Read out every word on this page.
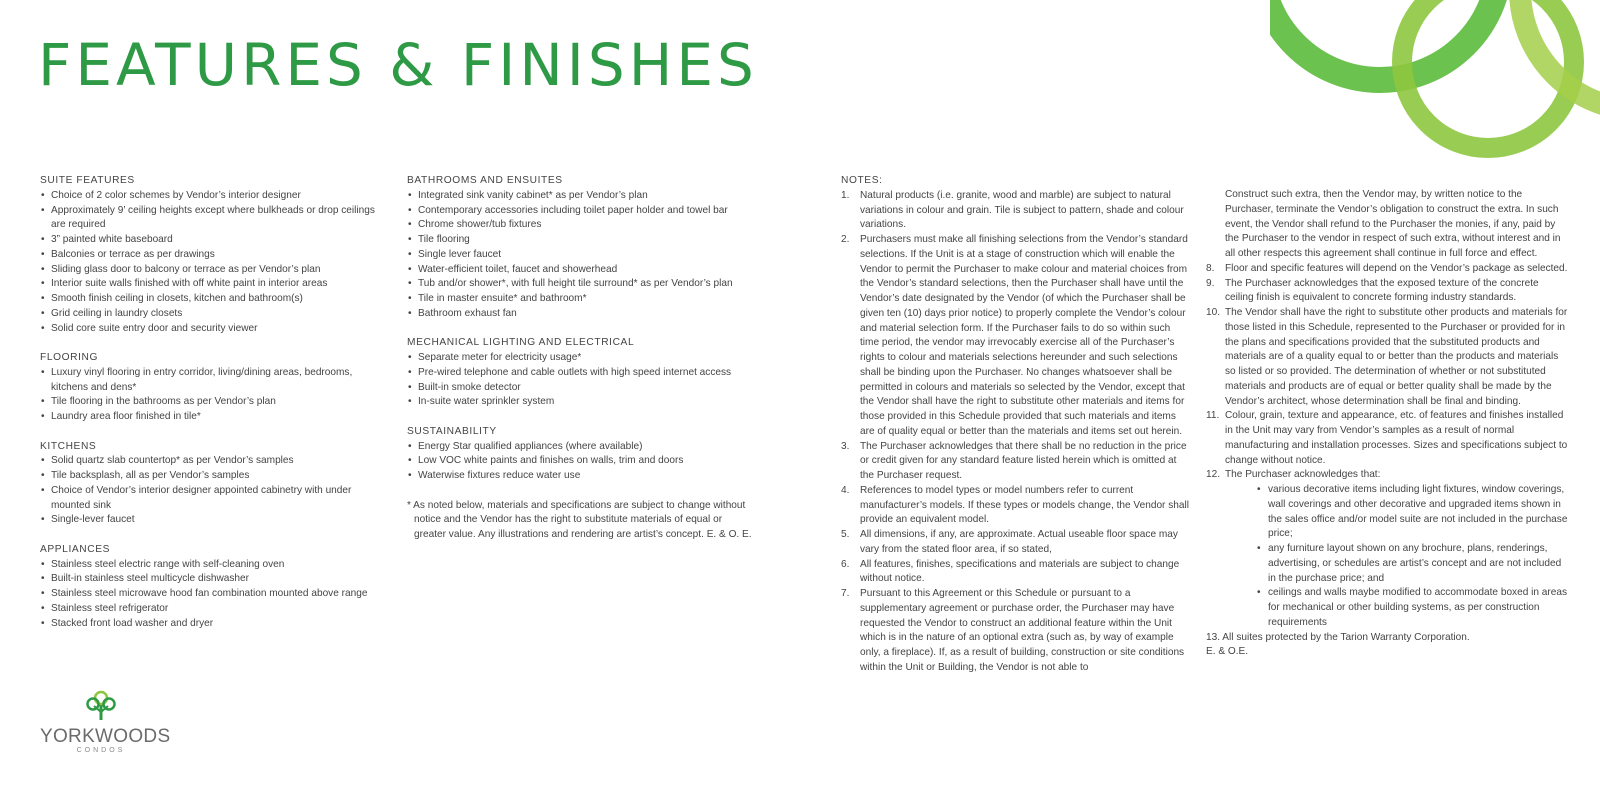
FEATURES & FINISHES
SUITE FEATURES
• Choice of 2 color schemes by Vendor’s interior designer
• Approximately 9’ ceiling heights except where bulkheads or drop ceilings are required
• 3” painted white baseboard
• Balconies or terrace as per drawings
• Sliding glass door to balcony or terrace as per Vendor’s plan
• Interior suite walls finished with off white paint in interior areas
• Smooth finish ceiling in closets, kitchen and bathroom(s)
• Grid ceiling in laundry closets
• Solid core suite entry door and security viewer
FLOORING
• Luxury vinyl flooring in entry corridor, living/dining areas, bedrooms, kitchens and dens*
• Tile flooring in the bathrooms as per Vendor’s plan
• Laundry area floor finished in tile*
KITCHENS
• Solid quartz slab countertop* as per Vendor’s samples
• Tile backsplash, all as per Vendor’s samples
• Choice of Vendor’s interior designer appointed cabinetry with under mounted sink
• Single-lever faucet
APPLIANCES
• Stainless steel electric range with self-cleaning oven
• Built-in stainless steel multicycle dishwasher
• Stainless steel microwave hood fan combination mounted above range
• Stainless steel refrigerator
• Stacked front load washer and dryer
BATHROOMS AND ENSUITES
• Integrated sink vanity cabinet* as per Vendor’s plan
• Contemporary accessories including toilet paper holder and towel bar
• Chrome shower/tub fixtures
• Tile flooring
• Single lever faucet
• Water-efficient toilet, faucet and showerhead
• Tub and/or shower*, with full height tile surround* as per Vendor’s plan
• Tile in master ensuite* and bathroom*
• Bathroom exhaust fan
MECHANICAL LIGHTING AND ELECTRICAL
• Separate meter for electricity usage*
• Pre-wired telephone and cable outlets with high speed internet access
• Built-in smoke detector
• In-suite water sprinkler system
SUSTAINABILITY
• Energy Star qualified appliances (where available)
• Low VOC white paints and finishes on walls, trim and doors
• Waterwise fixtures reduce water use
* As noted below, materials and specifications are subject to change without notice and the Vendor has the right to substitute materials of equal or greater value. Any illustrations and rendering are artist’s concept. E. & O. E.
NOTES:
1. Natural products (i.e. granite, wood and marble) are subject to natural variations in colour and grain. Tile is subject to pattern, shade and colour variations.
2. Purchasers must make all finishing selections from the Vendor’s standard selections. If the Unit is at a stage of construction which will enable the Vendor to permit the Purchaser to make colour and material choices from the Vendor’s standard selections, then the Purchaser shall have until the Vendor’s date designated by the Vendor (of which the Purchaser shall be given ten (10) days prior notice) to properly complete the Vendor’s colour and material selection form. If the Purchaser fails to do so within such time period, the vendor may irrevocably exercise all of the Purchaser’s rights to colour and materials selections hereunder and such selections shall be binding upon the Purchaser. No changes whatsoever shall be permitted in colours and materials so selected by the Vendor, except that the Vendor shall have the right to substitute other materials and items for those provided in this Schedule provided that such materials and items are of quality equal or better than the materials and items set out herein.
3. The Purchaser acknowledges that there shall be no reduction in the price or credit given for any standard feature listed herein which is omitted at the Purchaser request.
4. References to model types or model numbers refer to current manufacturer’s models. If these types or models change, the Vendor shall provide an equivalent model.
5. All dimensions, if any, are approximate. Actual useable floor space may vary from the stated floor area, if so stated,
6. All features, finishes, specifications and materials are subject to change without notice.
7. Pursuant to this Agreement or this Schedule or pursuant to a supplementary agreement or purchase order, the Purchaser may have requested the Vendor to construct an additional feature within the Unit which is in the nature of an optional extra (such as, by way of example only, a fireplace). If, as a result of building, construction or site conditions within the Unit or Building, the Vendor is not able to
Construct such extra, then the Vendor may, by written notice to the Purchaser, terminate the Vendor’s obligation to construct the extra. In such event, the Vendor shall refund to the Purchaser the monies, if any, paid by the Purchaser to the vendor in respect of such extra, without interest and in all other respects this agreement shall continue in full force and effect.
8. Floor and specific features will depend on the Vendor’s package as selected.
9. The Purchaser acknowledges that the exposed texture of the concrete ceiling finish is equivalent to concrete forming industry standards.
10. The Vendor shall have the right to substitute other products and materials for those listed in this Schedule, represented to the Purchaser or provided for in the plans and specifications provided that the substituted products and materials are of a quality equal to or better than the products and materials so listed or so provided. The determination of whether or not substituted materials and products are of equal or better quality shall be made by the Vendor’s architect, whose determination shall be final and binding.
11. Colour, grain, texture and appearance, etc. of features and finishes installed in the Unit may vary from Vendor’s samples as a result of normal manufacturing and installation processes. Sizes and specifications subject to change without notice.
12. The Purchaser acknowledges that:
• various decorative items including light fixtures, window coverings, wall coverings and other decorative and upgraded items shown in the sales office and/or model suite are not included in the purchase price;
• any furniture layout shown on any brochure, plans, renderings, advertising, or schedules are artist’s concept and are not included in the purchase price; and
• ceilings and walls maybe modified to accommodate boxed in areas for mechanical or other building systems, as per construction requirements
13. All suites protected by the Tarion Warranty Corporation.
E. & O.E.
YORKWOODS
CONDOS
